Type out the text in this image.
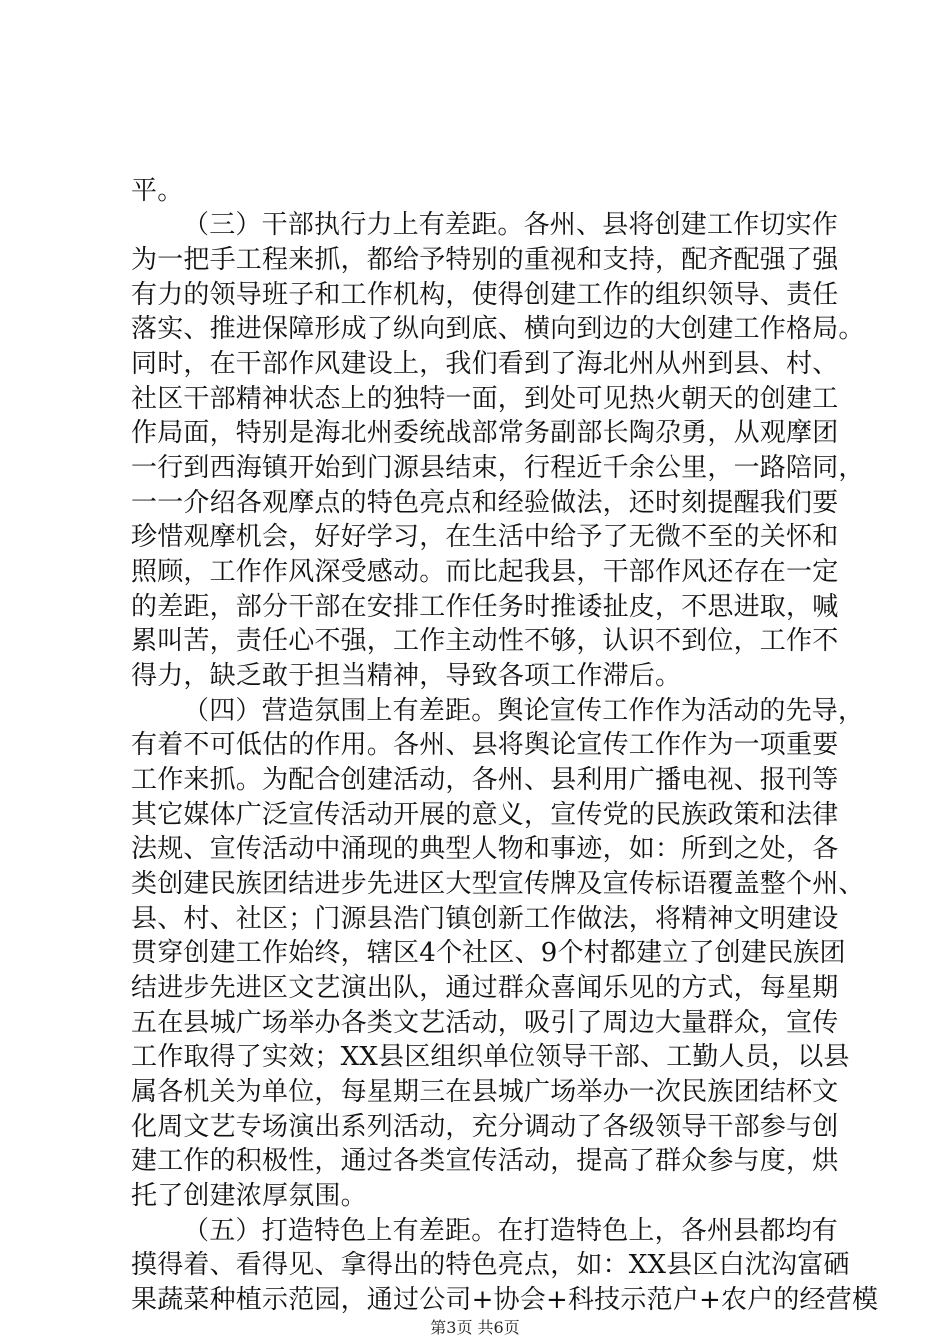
平。
（三）干部执行力上有差距。各州、县将创建工作切实作
为一把手工程来抓，都给予特别的重视和支持，配齐配强了强
有力的领导班子和工作机构，使得创建工作的组织领导、责任
落实、推进保障形成了纵向到底、横向到边的大创建工作格局。
同时，在干部作风建设上，我们看到了海北州从州到县、村、
社区干部精神状态上的独特一面，到处可见热火朝天的创建工
作局面，特别是海北州委统战部常务副部长陶尕勇，从观摩团
一行到西海镇开始到门源县结束，行程近千余公里，一路陪同，
一一介绍各观摩点的特色亮点和经验做法，还时刻提醒我们要
珍惜观摩机会，好好学习，在生活中给予了无微不至的关怀和
照顾，工作作风深受感动。而比起我县，干部作风还存在一定
的差距，部分干部在安排工作任务时推诿扯皮，不思进取，喊
累叫苦，责任心不强，工作主动性不够，认识不到位，工作不
得力，缺乏敢于担当精神，导致各项工作滞后。
（四）营造氛围上有差距。舆论宣传工作作为活动的先导，
有着不可低估的作用。各州、县将舆论宣传工作作为一项重要
工作来抓。为配合创建活动，各州、县利用广播电视、报刊等
其它媒体广泛宣传活动开展的意义，宣传党的民族政策和法律
法规、宣传活动中涌现的典型人物和事迹，如：所到之处，各
类创建民族团结进步先进区大型宣传牌及宣传标语覆盖整个州、
县、村、社区；门源县浩门镇创新工作做法，将精神文明建设
贯穿创建工作始终，辖区4个社区、9个村都建立了创建民族团
结进步先进区文艺演出队，通过群众喜闻乐见的方式，每星期
五在县城广场举办各类文艺活动，吸引了周边大量群众，宣传
工作取得了实效；XX县区组织单位领导干部、工勤人员，以县
属各机关为单位，每星期三在县城广场举办一次民族团结杯文
化周文艺专场演出系列活动，充分调动了各级领导干部参与创
建工作的积极性，通过各类宣传活动，提高了群众参与度，烘
托了创建浓厚氛围。
（五）打造特色上有差距。在打造特色上，各州县都均有
摸得着、看得见、拿得出的特色亮点，如：XX县区白沈沟富硒
果蔬菜种植示范园，通过公司+协会+科技示范户+农户的经营模
第3页 共6页
